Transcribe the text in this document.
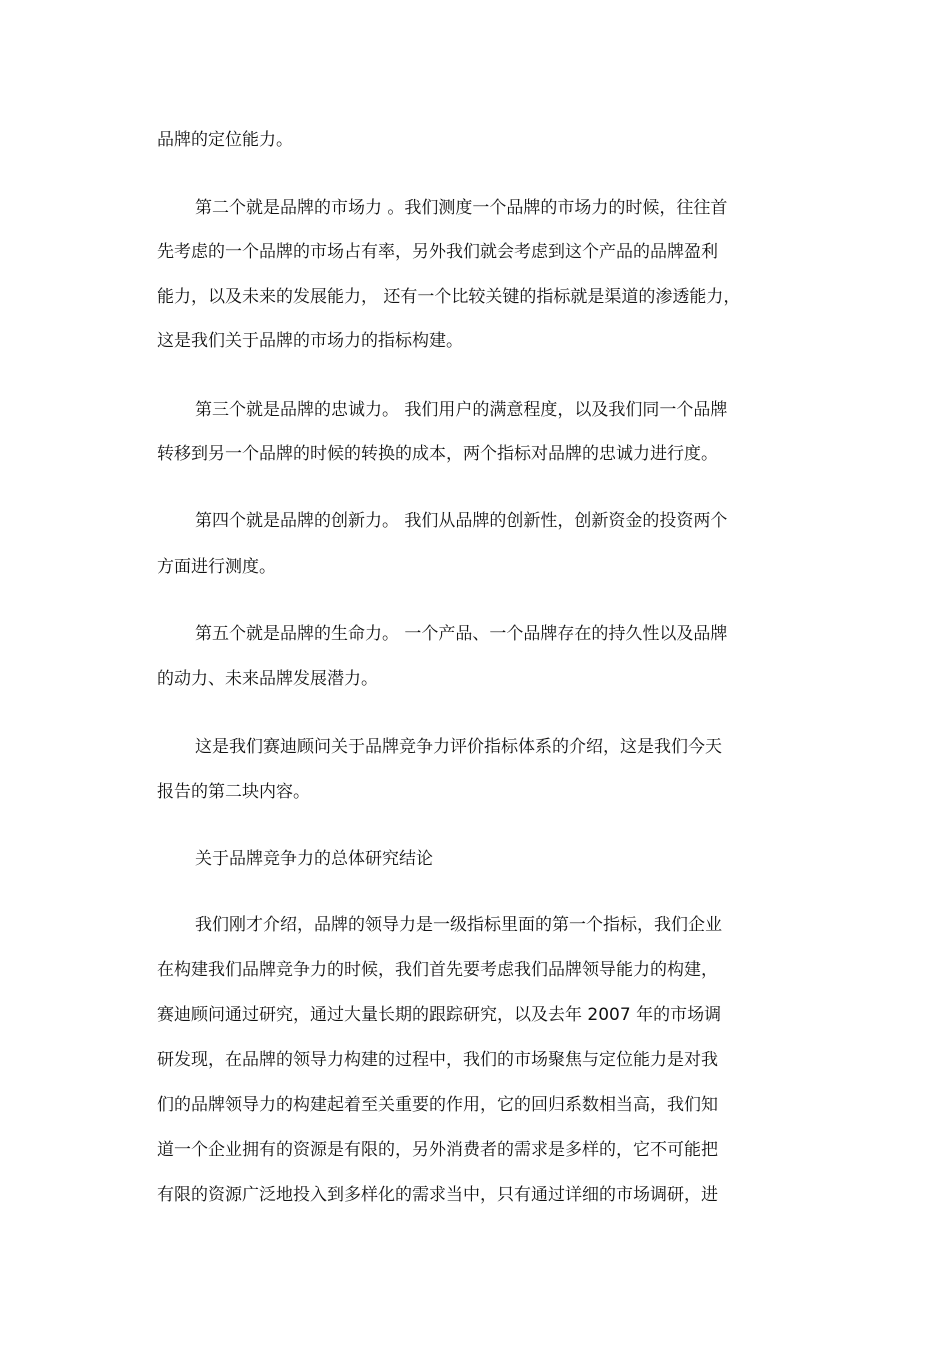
品牌的定位能力。
第二个就是品牌的市场力 。我们测度一个品牌的市场力的时候，往往首
先考虑的一个品牌的市场占有率，另外我们就会考虑到这个产品的品牌盈利
能力，以及未来的发展能力， 还有一个比较关键的指标就是渠道的渗透能力，
这是我们关于品牌的市场力的指标构建。
第三个就是品牌的忠诚力。 我们用户的满意程度，以及我们同一个品牌
转移到另一个品牌的时候的转换的成本，两个指标对品牌的忠诚力进行度。
第四个就是品牌的创新力。 我们从品牌的创新性，创新资金的投资两个
方面进行测度。
第五个就是品牌的生命力。 一个产品、一个品牌存在的持久性以及品牌
的动力、未来品牌发展潜力。
这是我们赛迪顾问关于品牌竞争力评价指标体系的介绍，这是我们今天
报告的第二块内容。
关于品牌竞争力的总体研究结论
我们刚才介绍，品牌的领导力是一级指标里面的第一个指标，我们企业
在构建我们品牌竞争力的时候，我们首先要考虑我们品牌领导能力的构建，
赛迪顾问通过研究，通过大量长期的跟踪研究，以及去年 2007 年的市场调
研发现，在品牌的领导力构建的过程中，我们的市场聚焦与定位能力是对我
们的品牌领导力的构建起着至关重要的作用，它的回归系数相当高，我们知
道一个企业拥有的资源是有限的，另外消费者的需求是多样的，它不可能把
有限的资源广泛地投入到多样化的需求当中，只有通过详细的市场调研，进
